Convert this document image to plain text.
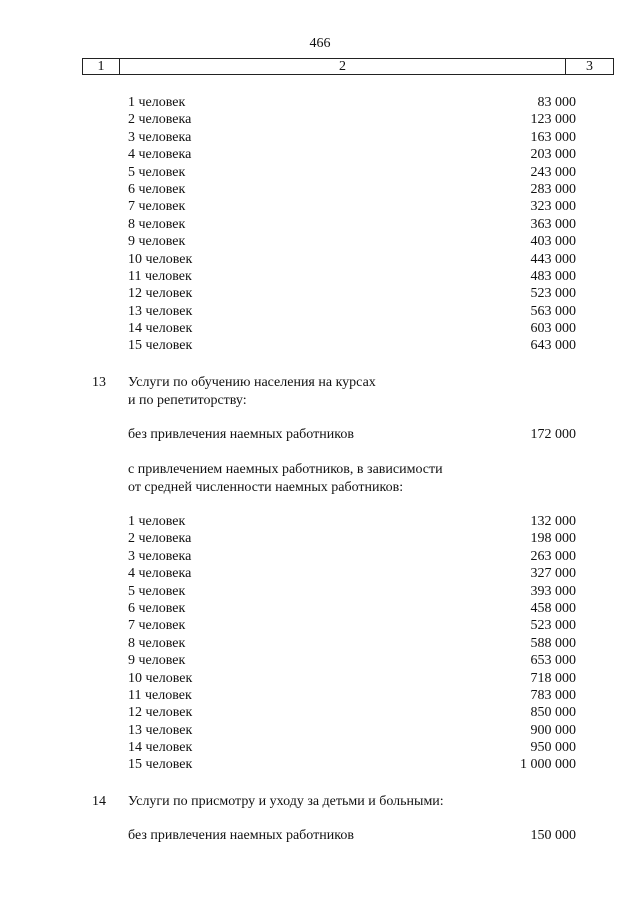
466
1	2	3
1 человек	83 000
2 человека	123 000
3 человека	163 000
4 человека	203 000
5 человек	243 000
6 человек	283 000
7 человек	323 000
8 человек	363 000
9 человек	403 000
10 человек	443 000
11 человек	483 000
12 человек	523 000
13 человек	563 000
14 человек	603 000
15 человек	643 000
13 Услуги по обучению населения на курсах
и по репетиторству:
без привлечения наемных работников	172 000
с привлечением наемных работников, в зависимости
от средней численности наемных работников:
1 человек	132 000
2 человека	198 000
3 человека	263 000
4 человека	327 000
5 человек	393 000
6 человек	458 000
7 человек	523 000
8 человек	588 000
9 человек	653 000
10 человек	718 000
11 человек	783 000
12 человек	850 000
13 человек	900 000
14 человек	950 000
15 человек	1 000 000
14 Услуги по присмотру и уходу за детьми и больными:
без привлечения наемных работников	150 000
